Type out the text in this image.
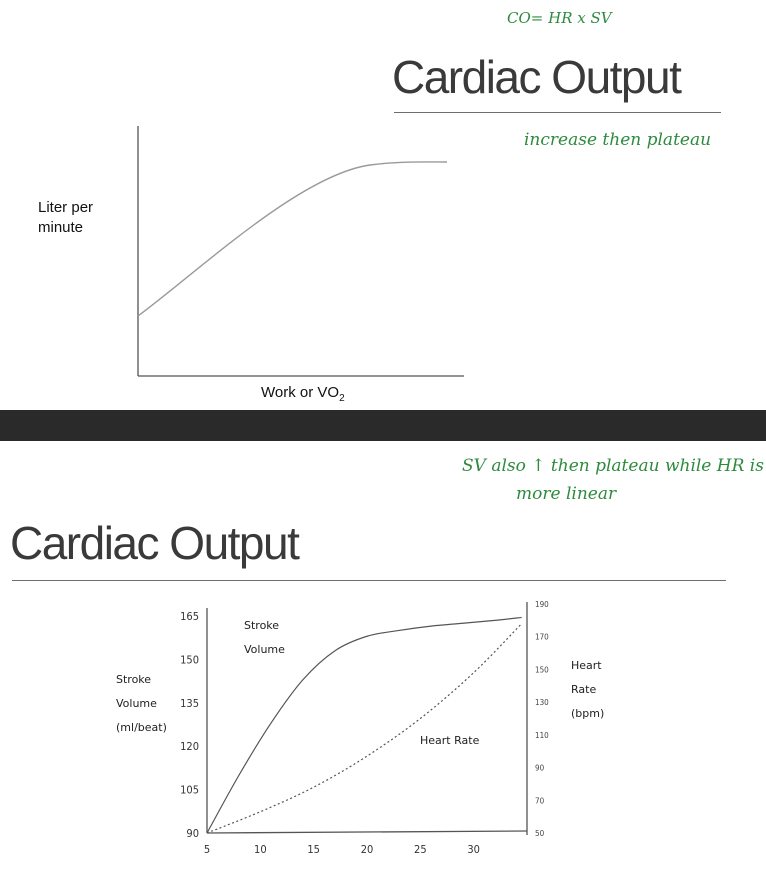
CO= HR x SV
Cardiac Output
increase then plateau
Liter per
minute
Work or $VO_2$
SV also ↑ then plateau while HR is
more linear
Cardiac Output
5	10	15	20	25	30
165
150
135
120
105
90
190
170
150
130
110
90
70
50
Stroke
Volume
Heart Rate
Stroke
Volume
(ml/beat)
Heart
Rate
(bpm)
